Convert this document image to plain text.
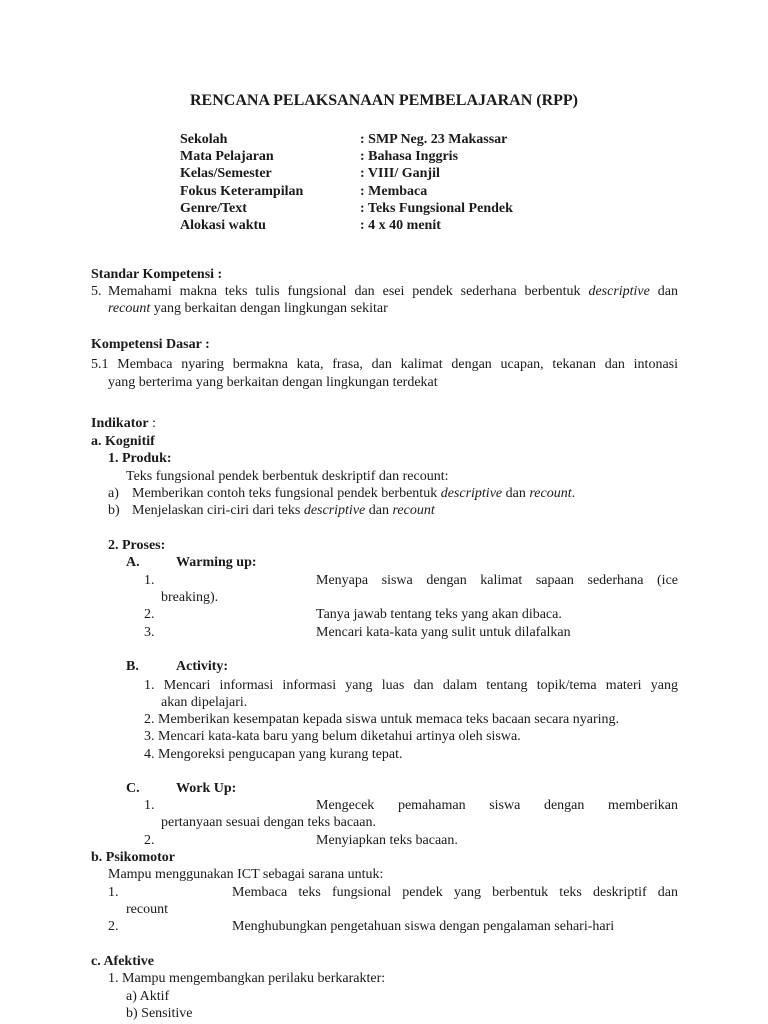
RENCANA PELAKSANAAN PEMBELAJARAN (RPP)
Sekolah	: SMP Neg. 23 Makassar
Mata Pelajaran	: Bahasa Inggris
Kelas/Semester	: VIII/ Ganjil
Fokus Keterampilan	: Membaca
Genre/Text	: Teks Fungsional Pendek
Alokasi waktu	: 4 x 40 menit
Standar Kompetensi :
5. Memahami makna teks tulis fungsional dan esei pendek sederhana berbentuk descriptive dan
recount yang berkaitan dengan lingkungan sekitar
Kompetensi Dasar :
5.1 Membaca nyaring bermakna kata, frasa, dan kalimat dengan ucapan, tekanan dan intonasi
yang berterima yang berkaitan dengan lingkungan terdekat
Indikator :
a. Kognitif
1. Produk:
Teks fungsional pendek berbentuk deskriptif dan recount:
a) Memberikan contoh teks fungsional pendek berbentuk descriptive dan recount.
b) Menjelaskan ciri-ciri dari teks descriptive dan recount
2. Proses:
A.	Warming up:
1.	Menyapa siswa dengan kalimat sapaan sederhana (ice
breaking).
2.	Tanya jawab tentang teks yang akan dibaca.
3.	Mencari kata-kata yang sulit untuk dilafalkan
B.	Activity:
1. Mencari informasi informasi yang luas dan dalam tentang topik/tema materi yang
akan dipelajari.
2. Memberikan kesempatan kepada siswa untuk memaca teks bacaan secara nyaring.
3. Mencari kata-kata baru yang belum diketahui artinya oleh siswa.
4. Mengoreksi pengucapan yang kurang tepat.
C.	Work Up:
1.	Mengecek pemahaman siswa dengan memberikan
pertanyaan sesuai dengan teks bacaan.
2.	Menyiapkan teks bacaan.
b. Psikomotor
Mampu menggunakan ICT sebagai sarana untuk:
1.	Membaca teks fungsional pendek yang berbentuk teks deskriptif dan
recount
2.	Menghubungkan pengetahuan siswa dengan pengalaman sehari-hari
c. Afektive
1. Mampu mengembangkan perilaku berkarakter:
a) Aktif
b) Sensitive
